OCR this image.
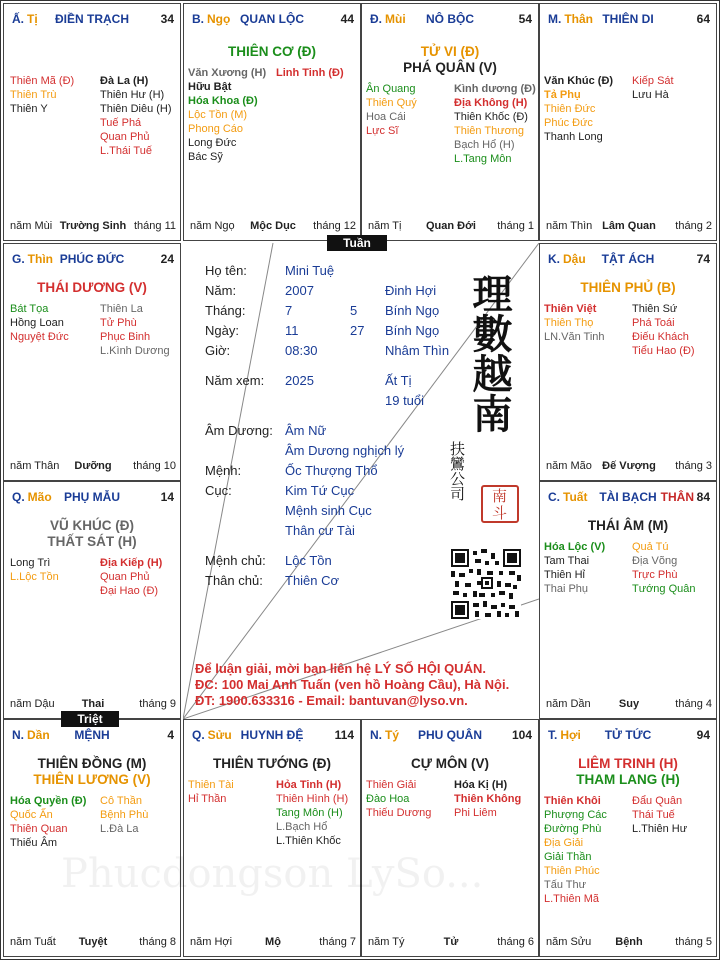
Ấ. Tị	ĐIỀN TRẠCH	34
Thiên Mã (Đ)
Thiên Trù
Thiên Y
Đà La (H)
Thiên Hư (H)
Thiên Diêu (H)
Tuế Phá
Quan Phủ
L.Thái Tuế
năm Mùi Trường Sinh tháng 11
B. Ngọ QUAN LỘC	44
THIÊN CƠ (Đ)
Văn Xương (H)
Hữu Bật
Hóa Khoa (Đ)
Lộc Tồn (M)
Phong Cáo
Long Đức
Bác Sỹ
Linh Tinh (Đ)
năm Ngọ	Mộc Dục	tháng 12
Đ. Mùi	NÔ BỘC	54
TỬ VI (Đ)
PHÁ QUÂN (V)
Ân Quang
Thiên Quý
Hoa Cái
Lực Sĩ
Kình dương (Đ)
Địa Không (H)
Thiên Khốc (Đ)
Thiên Thương
Bạch Hổ (H)
L.Tang Môn
năm Tị	Quan Đới	tháng 1
M. Thân THIÊN DI	64
Văn Khúc (Đ)
Tả Phụ
Thiên Đức
Phúc Đức
Thanh Long
Kiếp Sát
Lưu Hà
năm Thìn Lâm Quan	tháng 2
K. Dậu	TẬT ÁCH	74
THIÊN PHỦ (B)
Thiên Việt
Thiên Thọ
LN.Văn Tinh
Thiên Sứ
Phá Toái
Điếu Khách
Tiểu Hao (Đ)
năm Mão Đế Vượng	tháng 3
C. Tuất TÀI BẠCH THÂN 84
THÁI ÂM (M)
Hóa Lộc (V)
Tam Thai
Thiên Hỉ
Thai Phụ
Quả Tú
Địa Võng
Trực Phù
Tướng Quân
năm Dần	Suy	tháng 4
T. Hợi	TỬ TỨC	94
LIÊM TRINH (H)
THAM LANG (H)
Thiên Khôi
Phượng Các
Đường Phù
Địa Giải
Giải Thần
Thiên Phúc
Tấu Thư
L.Thiên Mã
Đẩu Quân
Thái Tuế
L.Thiên Hư
năm Sửu	Bệnh	tháng 5
N. Tý	PHU QUÂN	104
CỰ MÔN (V)
Thiên Giải
Đào Hoa
Thiếu Dương
Hóa Kị (H)
Thiên Không
Phi Liêm
năm Tý	Tử	tháng 6
Q. Sửu HUYNH ĐỆ	114
THIÊN TƯỚNG (Đ)
Thiên Tài
Hỉ Thần
Hỏa Tinh (H)
Thiên Hình (H)
Tang Môn (H)
L.Bạch Hổ
L.Thiên Khốc
năm Hợi	Mộ	tháng 7
N. Dần	MỆNH	4
THIÊN ĐỒNG (M)
THIÊN LƯƠNG (V)
Hóa Quyền (Đ)
Quốc Ấn
Thiên Quan
Thiếu Âm
Cô Thần
Bệnh Phù
L.Đà La
năm Tuất	Tuyệt	tháng 8
Q. Mão	PHỤ MẪU	14
VŨ KHÚC (Đ)
THẤT SÁT (H)
Long Trì
L.Lộc Tồn
Địa Kiếp (H)
Quan Phủ
Đại Hao (Đ)
năm Dậu	Thai	tháng 9
G. Thìn PHÚC ĐỨC	24
THÁI DƯƠNG (V)
Bát Tọa
Hồng Loan
Nguyệt Đức
Thiên La
Tử Phù
Phục Binh
L.Kình Dương
năm Thân	Dưỡng	tháng 10
Họ tên:	Mini Tuệ
Năm:	2007	Đinh Hợi
Tháng:	7	5 Bính Ngọ
Ngày:	11	27 Bính Ngọ
Giờ:	08:30	Nhâm Thìn
Năm xem: 2025	Ất Tị
19 tuổi
Âm Dương: Âm Nữ
Âm Dương nghịch lý
Mệnh:	Ốc Thượng Thổ
Cục:	Kim Tứ Cục
Mệnh sinh Cục
Thân cư Tài
Mệnh chủ: Lộc Tồn
Thân chủ: Thiên Cơ
理數越南
扶鸞公司 南斗
Để luận giải, mời bạn liên hệ LÝ SỐ HỘI QUÁN.
ĐC: 100 Mai Anh Tuấn (ven hồ Hoàng Cầu), Hà Nội.
ĐT: 1900.633316 - Email: bantuvan@lyso.vn.
Tuần
Triệt
Phucdongson LySo...
